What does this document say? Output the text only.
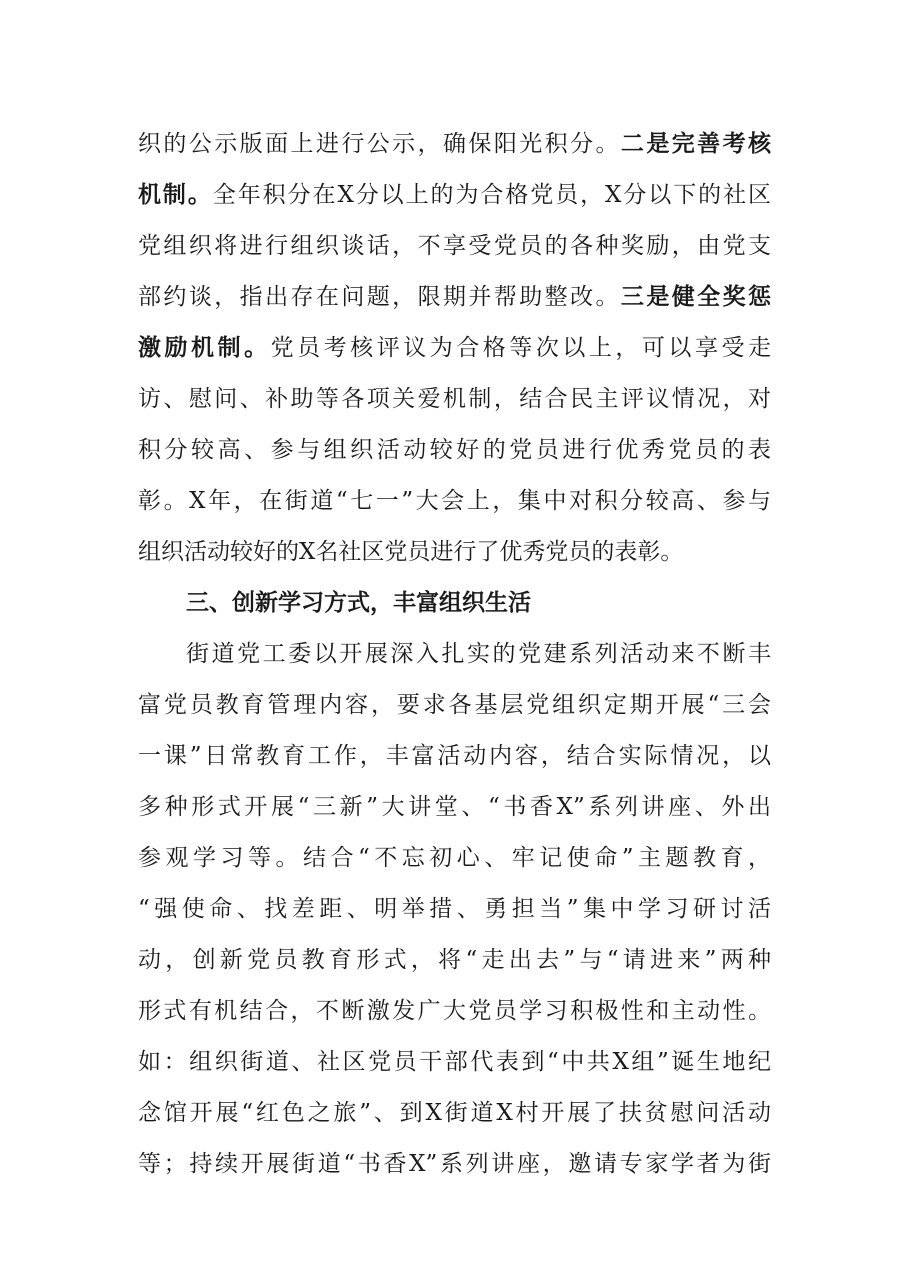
织的公示版面上进行公示，确保阳光积分。二是完善考核
机制。全年积分在X分以上的为合格党员，X分以下的社区
党组织将进行组织谈话，不享受党员的各种奖励，由党支
部约谈，指出存在问题，限期并帮助整改。三是健全奖惩
激励机制。党员考核评议为合格等次以上，可以享受走
访、慰问、补助等各项关爱机制，结合民主评议情况，对
积分较高、参与组织活动较好的党员进行优秀党员的表
彰。X年，在街道“七一”大会上，集中对积分较高、参与
组织活动较好的X名社区党员进行了优秀党员的表彰。
三、创新学习方式，丰富组织生活
街道党工委以开展深入扎实的党建系列活动来不断丰
富党员教育管理内容，要求各基层党组织定期开展“三会
一课”日常教育工作，丰富活动内容，结合实际情况，以
多种形式开展“三新”大讲堂、“书香X”系列讲座、外出
参观学习等。结合“不忘初心、牢记使命”主题教育，
“强使命、找差距、明举措、勇担当”集中学习研讨活
动，创新党员教育形式，将“走出去”与“请进来”两种
形式有机结合，不断激发广大党员学习积极性和主动性。
如：组织街道、社区党员干部代表到“中共X组”诞生地纪
念馆开展“红色之旅”、到X街道X村开展了扶贫慰问活动
等；持续开展街道“书香X”系列讲座，邀请专家学者为街
